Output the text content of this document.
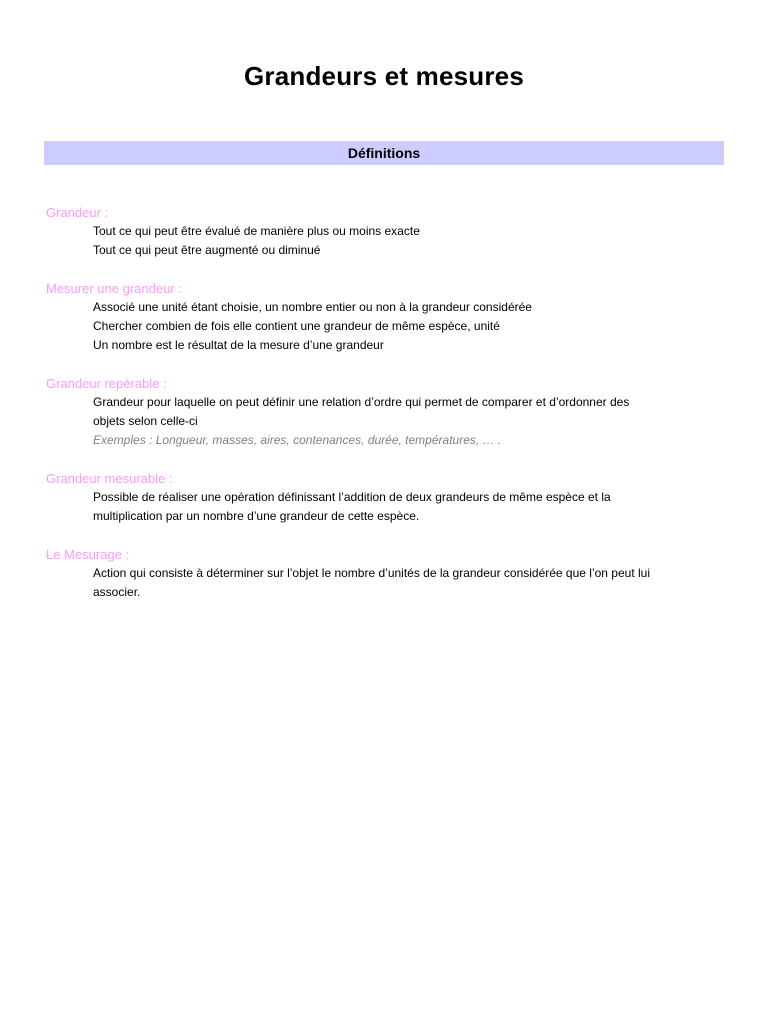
Grandeurs et mesures
Définitions
Grandeur :
Tout ce qui peut être évalué de manière plus ou moins exacte
Tout ce qui peut être augmenté ou diminué
Mesurer une grandeur :
Associé une unité étant choisie, un nombre entier ou non à la grandeur considérée
Chercher combien de fois elle contient une grandeur de même espèce, unité
Un nombre est le résultat de la mesure d’une grandeur
Grandeur repérable :
Grandeur pour laquelle on peut définir une relation d’ordre qui permet de comparer et d’ordonner des
objets selon celle-ci
Exemples : Longueur, masses, aires, contenances, durée, températures, … .
Grandeur mesurable :
Possible de réaliser une opération définissant l’addition de deux grandeurs de même espèce et la
multiplication par un nombre d’une grandeur de cette espèce.
Le Mesurage :
Action qui consiste à déterminer sur l’objet le nombre d’unités de la grandeur considérée que l’on peut lui
associer.
